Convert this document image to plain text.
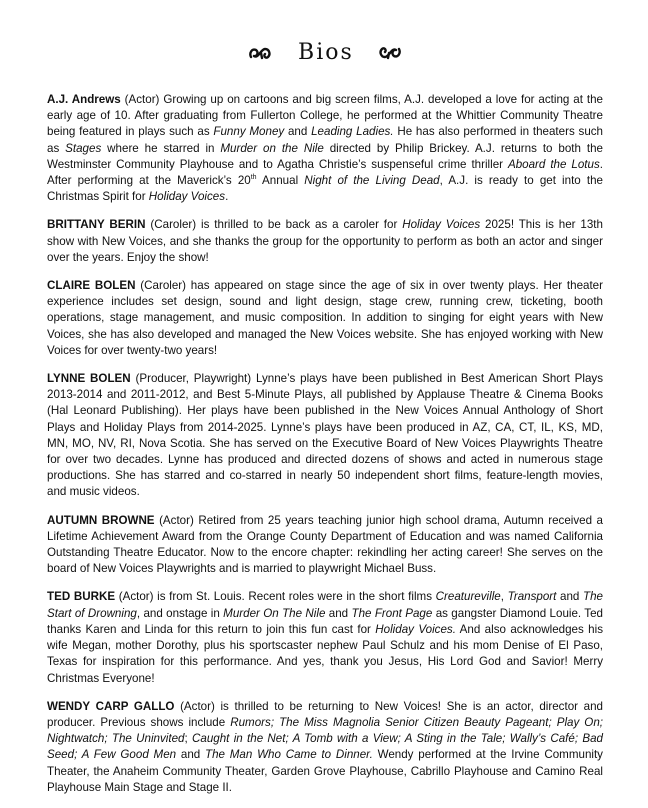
Bios

A.J. Andrews (Actor) Growing up on cartoons and big screen films, A.J. developed a love for acting at the early age of 10. After graduating from Fullerton College, he performed at the Whittier Community Theatre being featured in plays such as Funny Money and Leading Ladies. He has also performed in theaters such as Stages where he starred in Murder on the Nile directed by Philip Brickey. A.J. returns to both the Westminster Community Playhouse and to Agatha Christie’s suspenseful crime thriller Aboard the Lotus. After performing at the Maverick’s 20th Annual Night of the Living Dead, A.J. is ready to get into the Christmas Spirit for Holiday Voices.

BRITTANY BERIN (Caroler) is thrilled to be back as a caroler for Holiday Voices 2025! This is her 13th show with New Voices, and she thanks the group for the opportunity to perform as both an actor and singer over the years. Enjoy the show!

CLAIRE BOLEN (Caroler) has appeared on stage since the age of six in over twenty plays. Her theater experience includes set design, sound and light design, stage crew, running crew, ticketing, booth operations, stage management, and music composition. In addition to singing for eight years with New Voices, she has also developed and managed the New Voices website. She has enjoyed working with New Voices for over twenty-two years!

LYNNE BOLEN (Producer, Playwright) Lynne’s plays have been published in Best American Short Plays 2013-2014 and 2011-2012, and Best 5-Minute Plays, all published by Applause Theatre & Cinema Books (Hal Leonard Publishing). Her plays have been published in the New Voices Annual Anthology of Short Plays and Holiday Plays from 2014-2025. Lynne’s plays have been produced in AZ, CA, CT, IL, KS, MD, MN, MO, NV, RI, Nova Scotia. She has served on the Executive Board of New Voices Playwrights Theatre for over two decades. Lynne has produced and directed dozens of shows and acted in numerous stage productions. She has starred and co-starred in nearly 50 independent short films, feature-length movies, and music videos.

AUTUMN BROWNE (Actor) Retired from 25 years teaching junior high school drama, Autumn received a Lifetime Achievement Award from the Orange County Department of Education and was named California Outstanding Theatre Educator. Now to the encore chapter: rekindling her acting career! She serves on the board of New Voices Playwrights and is married to playwright Michael Buss.

TED BURKE (Actor) is from St. Louis. Recent roles were in the short films Creatureville, Transport and The Start of Drowning, and onstage in Murder On The Nile and The Front Page as gangster Diamond Louie. Ted thanks Karen and Linda for this return to join this fun cast for Holiday Voices. And also acknowledges his wife Megan, mother Dorothy, plus his sportscaster nephew Paul Schulz and his mom Denise of El Paso, Texas for inspiration for this performance. And yes, thank you Jesus, His Lord God and Savior! Merry Christmas Everyone!

WENDY CARP GALLO (Actor) is thrilled to be returning to New Voices! She is an actor, director and producer. Previous shows include Rumors; The Miss Magnolia Senior Citizen Beauty Pageant; Play On; Nightwatch; The Uninvited; Caught in the Net; A Tomb with a View; A Sting in the Tale; Wally’s Café; Bad Seed; A Few Good Men and The Man Who Came to Dinner. Wendy performed at the Irvine Community Theater, the Anaheim Community Theater, Garden Grove Playhouse, Cabrillo Playhouse and Camino Real Playhouse Main Stage and Stage II.
